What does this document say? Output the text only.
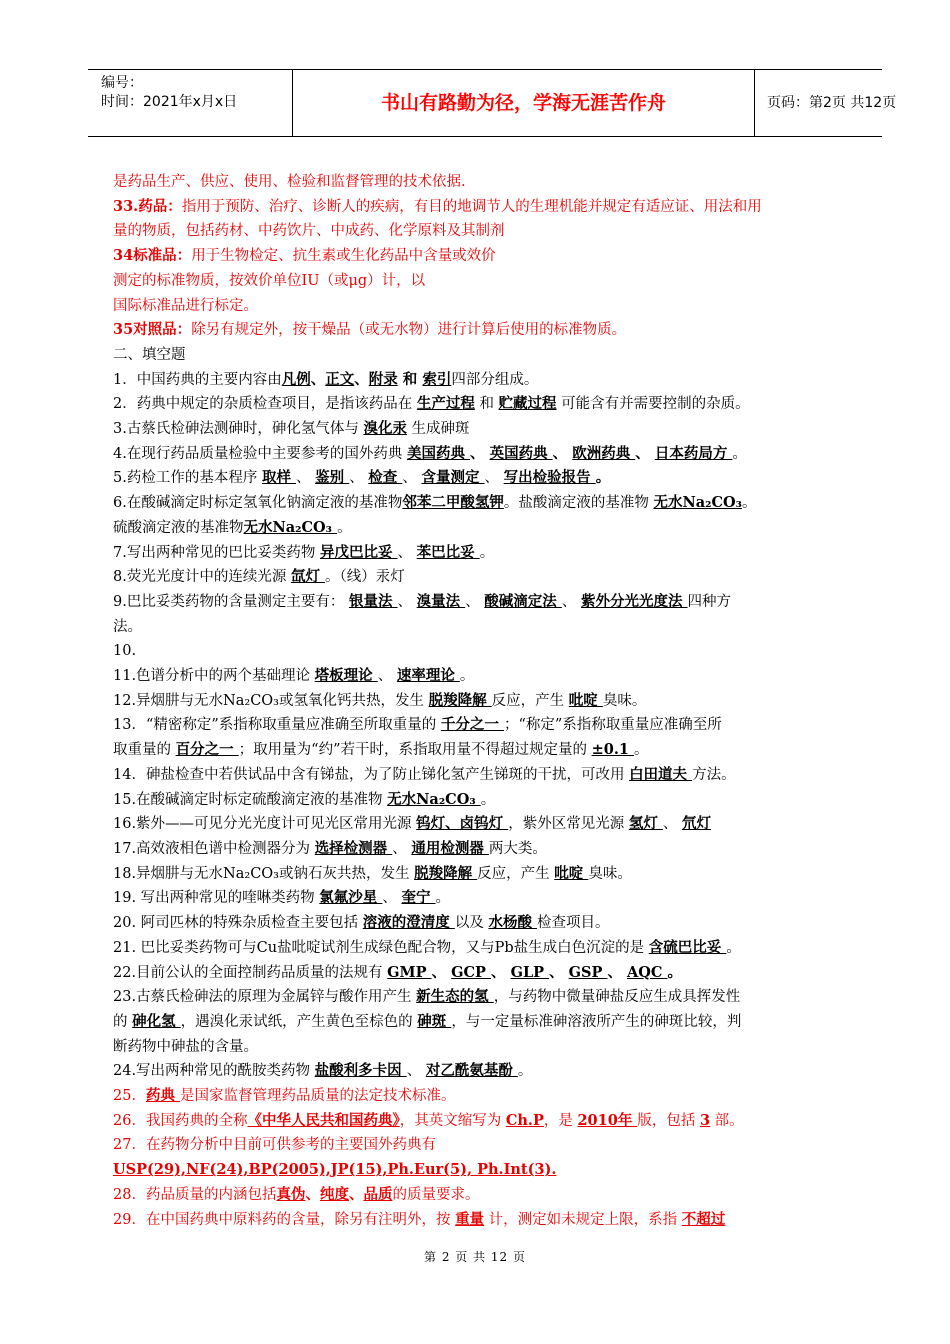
编号：
时间：2021年x月x日	书山有路勤为径，学海无涯苦作舟	页码：第2页 共12页

是药品生产、供应、使用、检验和监督管理的技术依据.

33.药品：指用于预防、治疗、诊断人的疾病，有目的地调节人的生理机能并规定有适应证、用法和用

量的物质，包括药材、中药饮片、中成药、化学原料及其制剂

34标准品：用于生物检定、抗生素或生化药品中含量或效价

测定的标准物质，按效价单位IU（或μg）计，以

国际标准品进行标定。

35对照品：除另有规定外，按干燥品（或无水物）进行计算后使用的标准物质。

二、填空题

1．中国药典的主要内容由凡例、正文、附录 和 索引四部分组成。

2．药典中规定的杂质检查项目，是指该药品在 生产过程 和 贮藏过程 可能含有并需要控制的杂质。

3.古蔡氏检砷法测砷时，砷化氢气体与 溴化汞 生成砷斑

4.在现行药品质量检验中主要参考的国外药典 美国药典 、 英国药典 、 欧洲药典 、 日本药局方 。

5.药检工作的基本程序 取样 、 鉴别 、 检查 、 含量测定 、 写出检验报告 。

6.在酸碱滴定时标定氢氧化钠滴定液的基准物邻苯二甲酸氢钾。盐酸滴定液的基准物 无水Na₂CO₃。

硫酸滴定液的基准物无水Na₂CO₃ 。

7.写出两种常见的巴比妥类药物 异戊巴比妥 、 苯巴比妥 。

8.荧光光度计中的连续光源 氙灯 。（线）汞灯

9.巴比妥类药物的含量测定主要有： 银量法 、 溴量法 、 酸碱滴定法 、 紫外分光光度法 四种方

法。

10.

11.色谱分析中的两个基础理论 塔板理论 、 速率理论 。

12.异烟肼与无水Na₂CO₃或氢氧化钙共热，发生 脱羧降解 反应，产生 吡啶 臭味。

13．“精密称定”系指称取重量应准确至所取重量的 千分之一 ；“称定”系指称取重量应准确至所

取重量的 百分之一 ；取用量为“约”若干时，系指取用量不得超过规定量的 ±0.1 。

14．砷盐检查中若供试品中含有锑盐，为了防止锑化氢产生锑斑的干扰，可改用 白田道夫 方法。

15.在酸碱滴定时标定硫酸滴定液的基准物 无水Na₂CO₃ 。

16.紫外——可见分光光度计可见光区常用光源 钨灯、卤钨灯 ，紫外区常见光源 氢灯 、 氘灯

17.高效液相色谱中检测器分为 选择检测器 、 通用检测器 两大类。

18.异烟肼与无水Na₂CO₃或钠石灰共热，发生 脱羧降解 反应，产生 吡啶 臭味。

19. 写出两种常见的喹啉类药物 氯氟沙星 、 奎宁 。

20. 阿司匹林的特殊杂质检查主要包括 溶液的澄清度 以及 水杨酸 检查项目。

21. 巴比妥类药物可与Cu盐吡啶试剂生成绿色配合物，又与Pb盐生成白色沉淀的是 含硫巴比妥 。

22.目前公认的全面控制药品质量的法规有 GMP 、 GCP 、 GLP 、 GSP 、 AQC 。

23.古蔡氏检砷法的原理为金属锌与酸作用产生 新生态的氢 ，与药物中微量砷盐反应生成具挥发性

的 砷化氢 ，遇溴化汞试纸，产生黄色至棕色的 砷斑 ，与一定量标准砷溶液所产生的砷斑比较，判

断药物中砷盐的含量。

24.写出两种常见的酰胺类药物 盐酸利多卡因 、 对乙酰氨基酚 。

25．药典 是国家监督管理药品质量的法定技术标准。

26．我国药典的全称《中华人民共和国药典》，其英文缩写为 Ch.P，是 2010年 版，包括 3 部。

27．在药物分析中目前可供参考的主要国外药典有

USP(29),NF(24),BP(2005),JP(15),Ph.Eur(5), Ph.Int(3).

28．药品质量的内涵包括真伪、纯度、品质的质量要求。

29．在中国药典中原料药的含量，除另有注明外，按 重量 计，测定如未规定上限，系指 不超过

第 2 页 共 12 页
